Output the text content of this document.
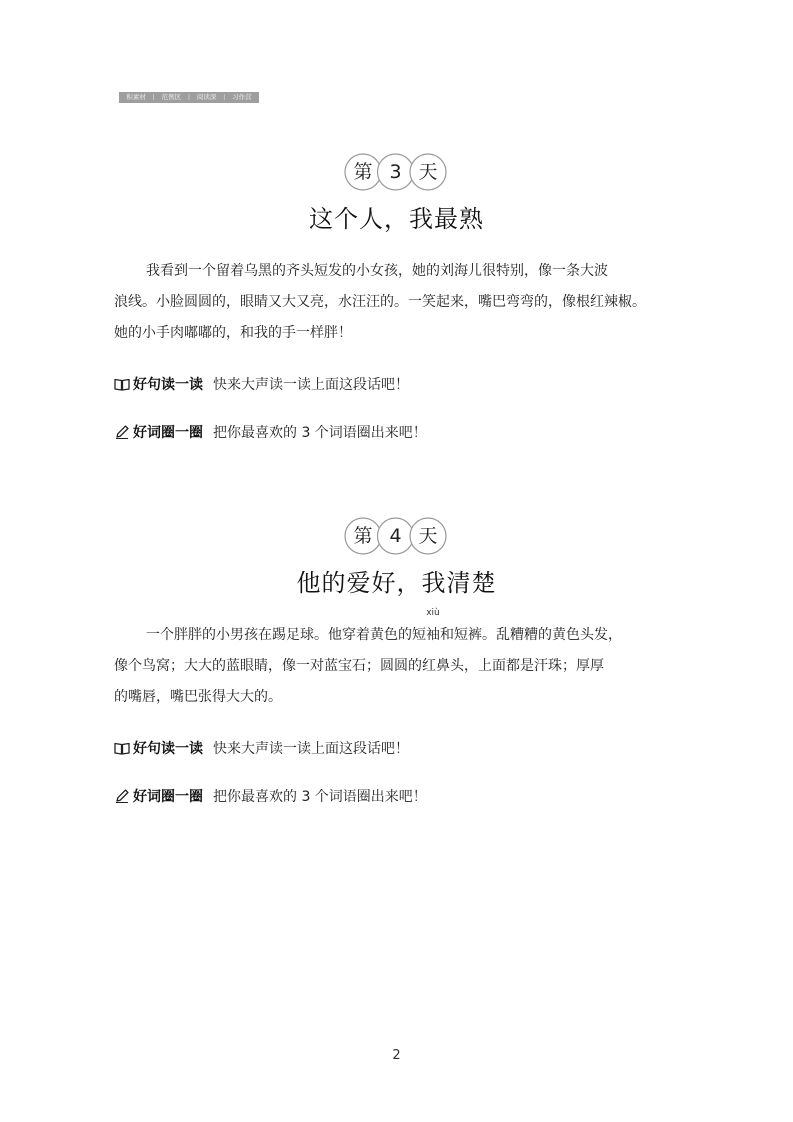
积素材 | 范例区 | 阅读深 | 习作营
第 3 天
这个人，我最熟
我看到一个留着乌黑的齐头短发的小女孩，她的刘海儿很特别，像一条大波
浪线。小脸圆圆的，眼睛又大又亮，水汪汪的。一笑起来，嘴巴弯弯的，像根红辣椒。
她的小手肉嘟嘟的，和我的手一样胖！
好句读一读 快来大声读一读上面这段话吧！
好词圈一圈 把你最喜欢的 3 个词语圈出来吧！
第 4 天
他的爱好，我清楚
一个胖胖的小男孩在踢足球。他穿着黄色的短
xiù
袖和短裤。乱糟糟的黄色头发，
像个鸟窝；大大的蓝眼睛，像一对蓝宝石；圆圆的红鼻头，上面都是汗珠；厚厚
的嘴唇，嘴巴张得大大的。
好句读一读 快来大声读一读上面这段话吧！
好词圈一圈 把你最喜欢的 3 个词语圈出来吧！
2
